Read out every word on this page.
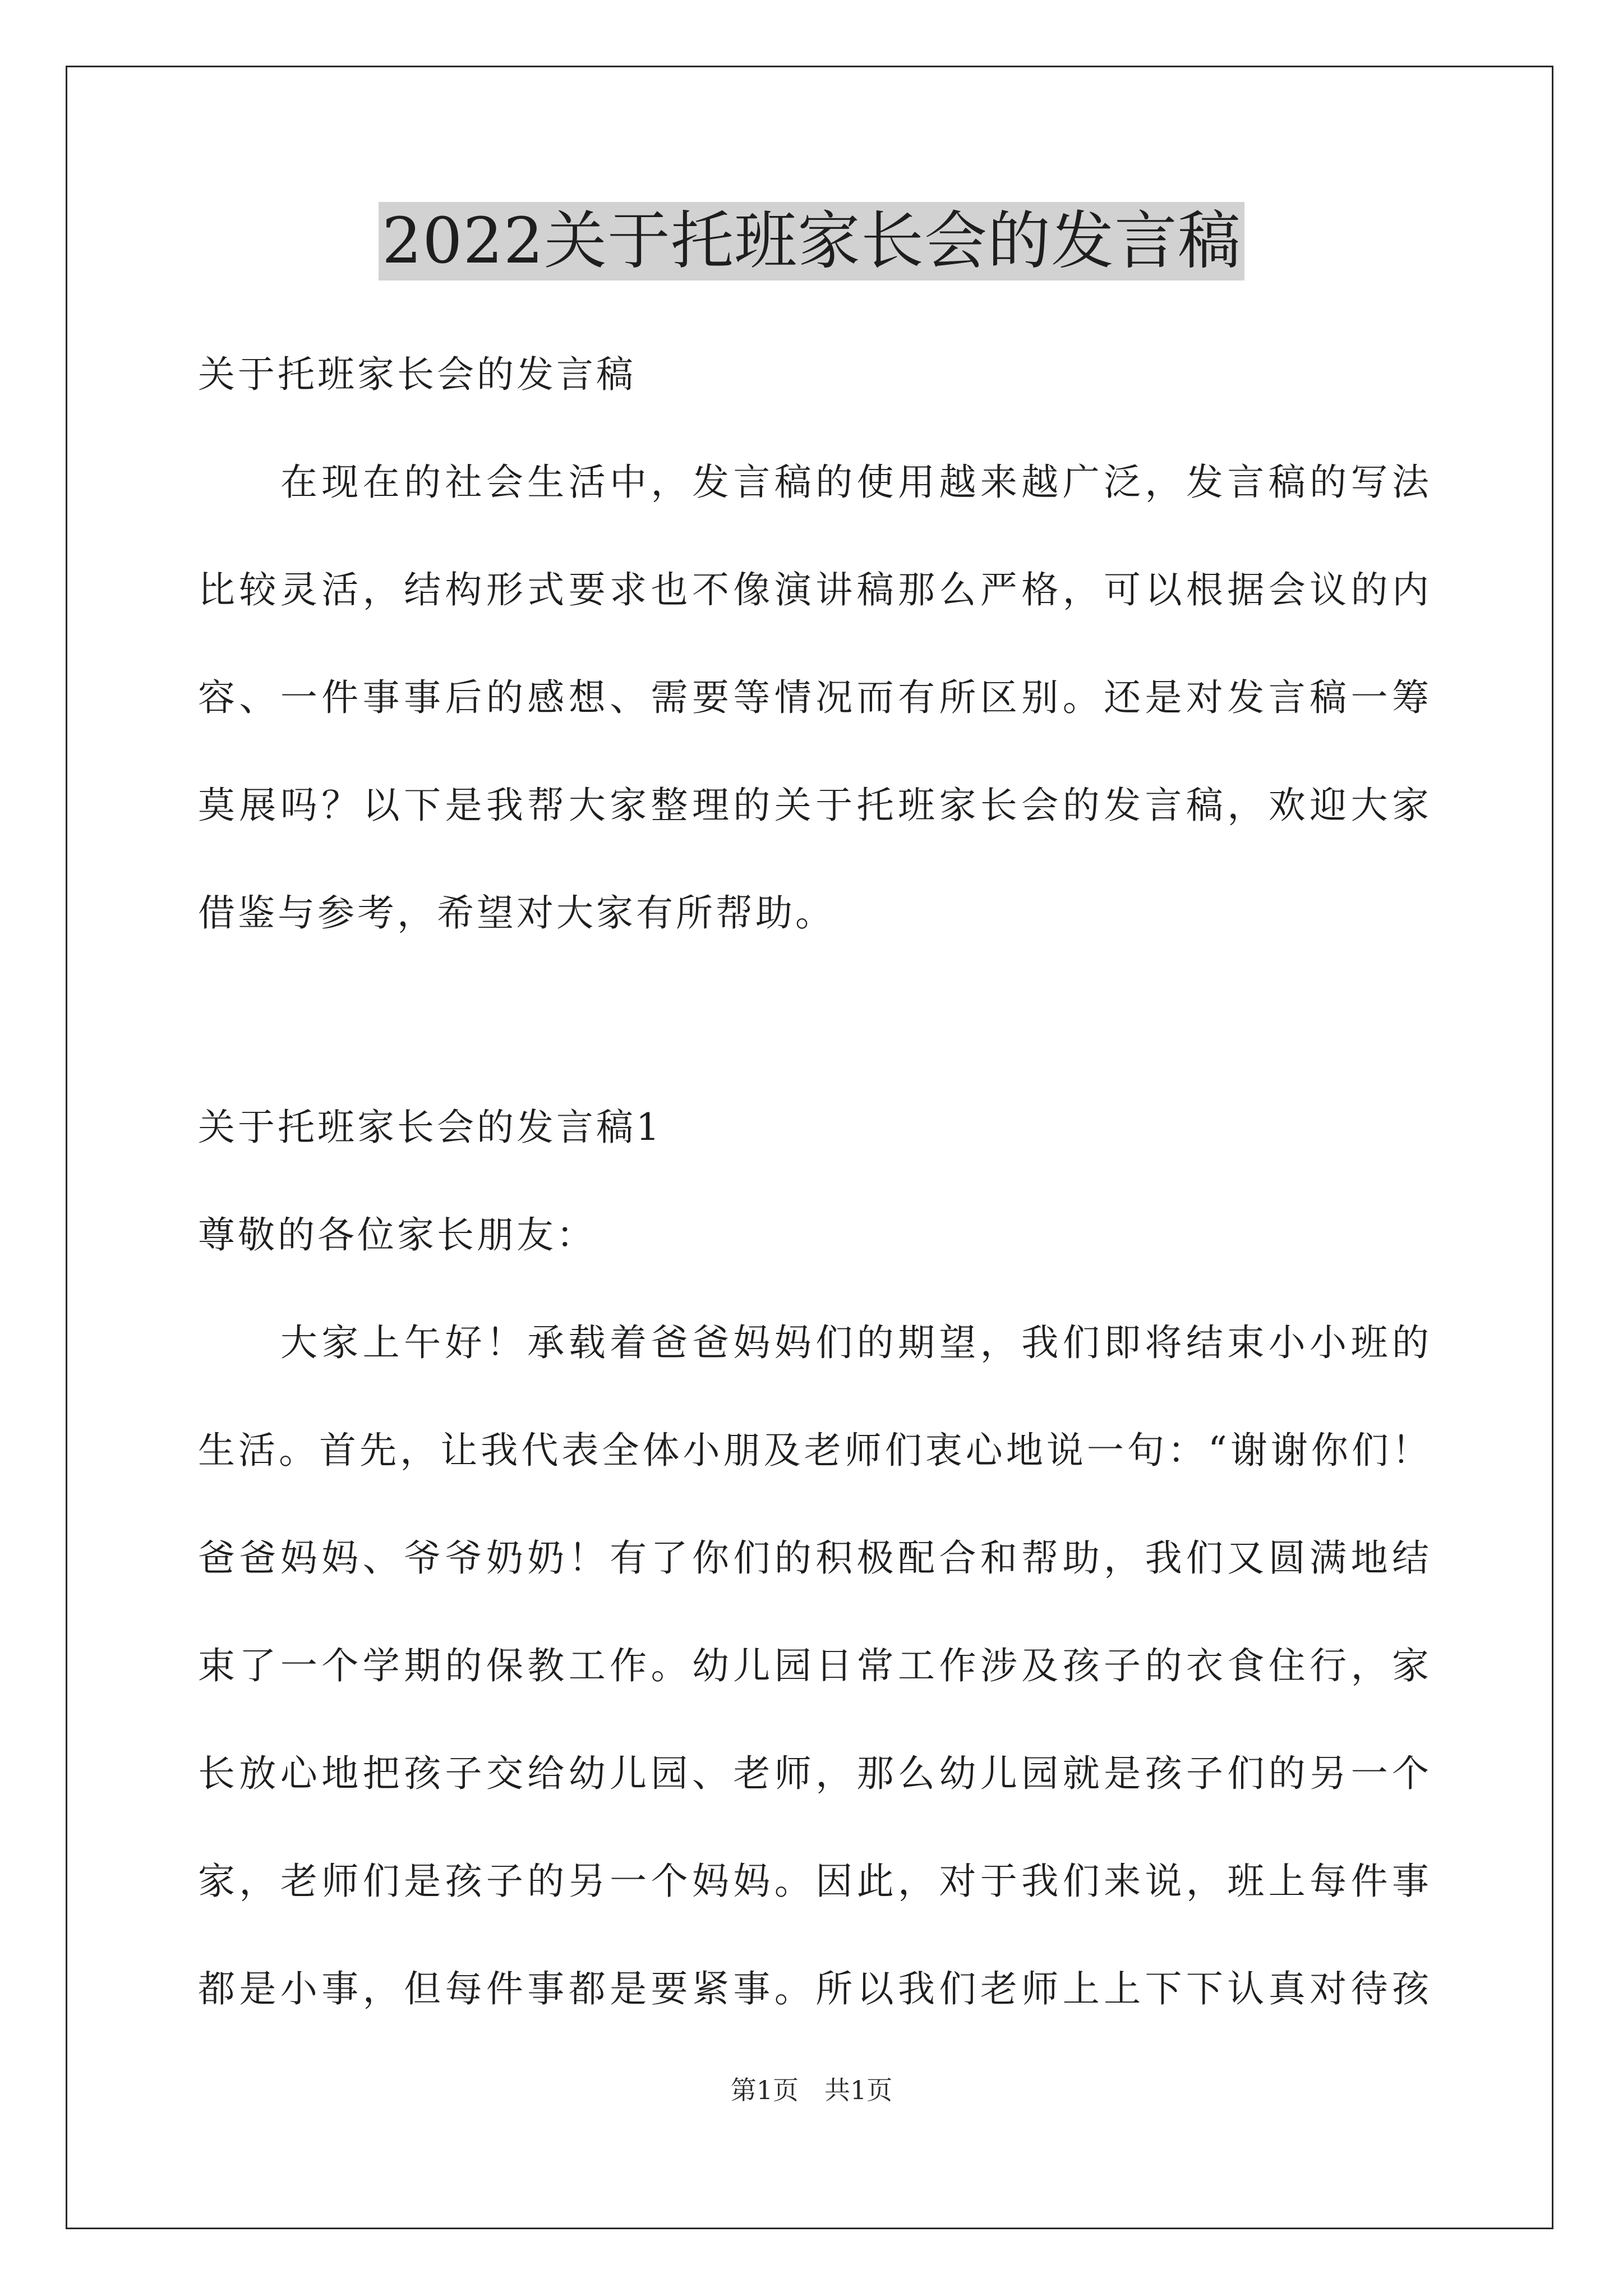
2022关于托班家长会的发言稿
关于托班家长会的发言稿
　　在现在的社会生活中，发言稿的使用越来越广泛，发言稿的写法
比较灵活，结构形式要求也不像演讲稿那么严格，可以根据会议的内
容、一件事事后的感想、需要等情况而有所区别。还是对发言稿一筹
莫展吗？以下是我帮大家整理的关于托班家长会的发言稿，欢迎大家
借鉴与参考，希望对大家有所帮助。
关于托班家长会的发言稿1
尊敬的各位家长朋友：
　　大家上午好！承载着爸爸妈妈们的期望，我们即将结束小小班的
生活。首先，让我代表全体小朋及老师们衷心地说一句：“谢谢你们！
爸爸妈妈、爷爷奶奶！有了你们的积极配合和帮助，我们又圆满地结
束了一个学期的保教工作。幼儿园日常工作涉及孩子的衣食住行，家
长放心地把孩子交给幼儿园、老师，那么幼儿园就是孩子们的另一个
家，老师们是孩子的另一个妈妈。因此，对于我们来说，班上每件事
都是小事，但每件事都是要紧事。所以我们老师上上下下认真对待孩
第1页　共1页
